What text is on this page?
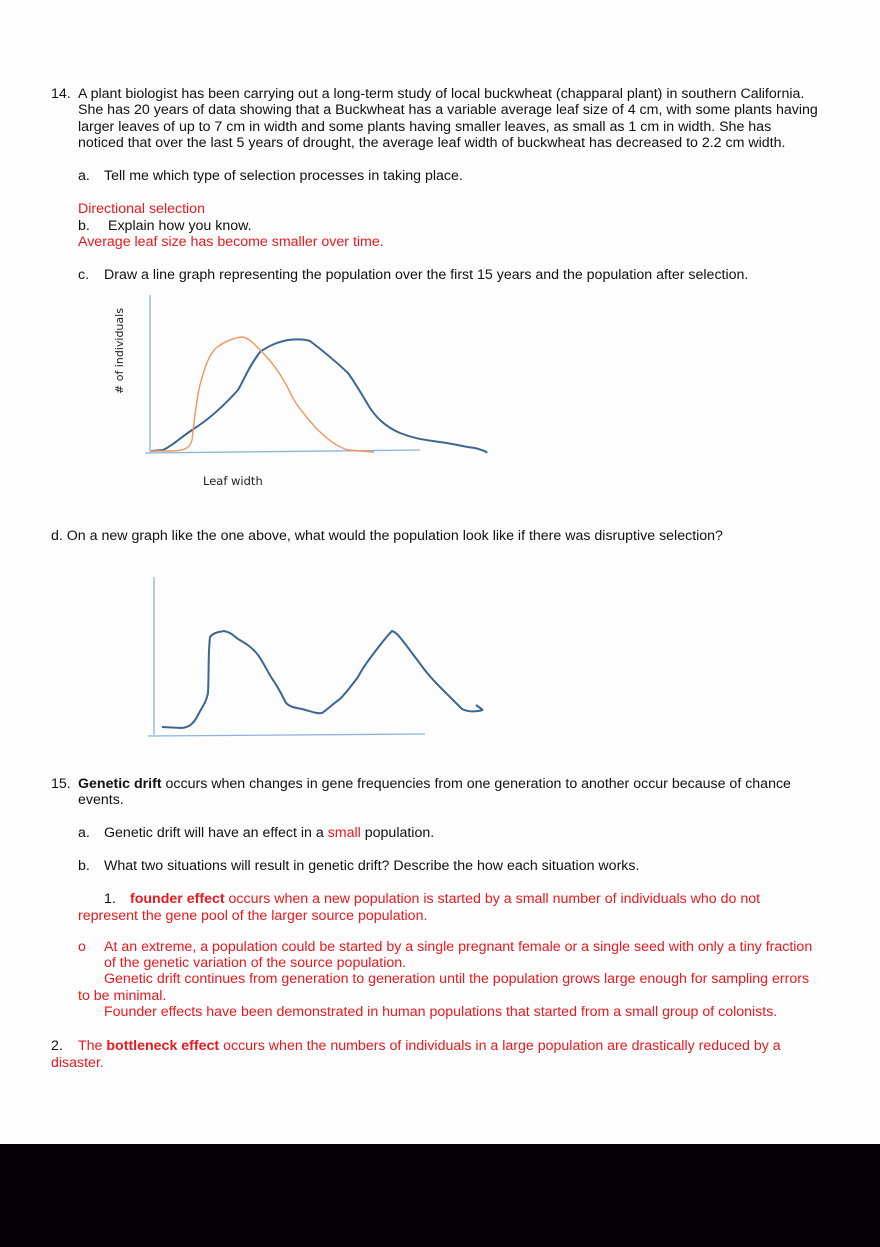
14. A plant biologist has been carrying out a long-term study of local buckwheat (chapparal plant) in southern California.
She has 20 years of data showing that a Buckwheat has a variable average leaf size of 4 cm, with some plants having
larger leaves of up to 7 cm in width and some plants having smaller leaves, as small as 1 cm in width. She has
noticed that over the last 5 years of drought, the average leaf width of buckwheat has decreased to 2.2 cm width.
a. Tell me which type of selection processes in taking place.
Directional selection
b. Explain how you know.
Average leaf size has become smaller over time.
c. Draw a line graph representing the population over the first 15 years and the population after selection.
# of individuals
Leaf width
d. On a new graph like the one above, what would the population look like if there was disruptive selection?
15. Genetic drift occurs when changes in gene frequencies from one generation to another occur because of chance
events.
a. Genetic drift will have an effect in a small population.
b. What two situations will result in genetic drift? Describe the how each situation works.
1. founder effect occurs when a new population is started by a small number of individuals who do not
represent the gene pool of the larger source population.
o At an extreme, a population could be started by a single pregnant female or a single seed with only a tiny fraction
of the genetic variation of the source population.
Genetic drift continues from generation to generation until the population grows large enough for sampling errors
to be minimal.
Founder effects have been demonstrated in human populations that started from a small group of colonists.
2. The bottleneck effect occurs when the numbers of individuals in a large population are drastically reduced by a
disaster.
